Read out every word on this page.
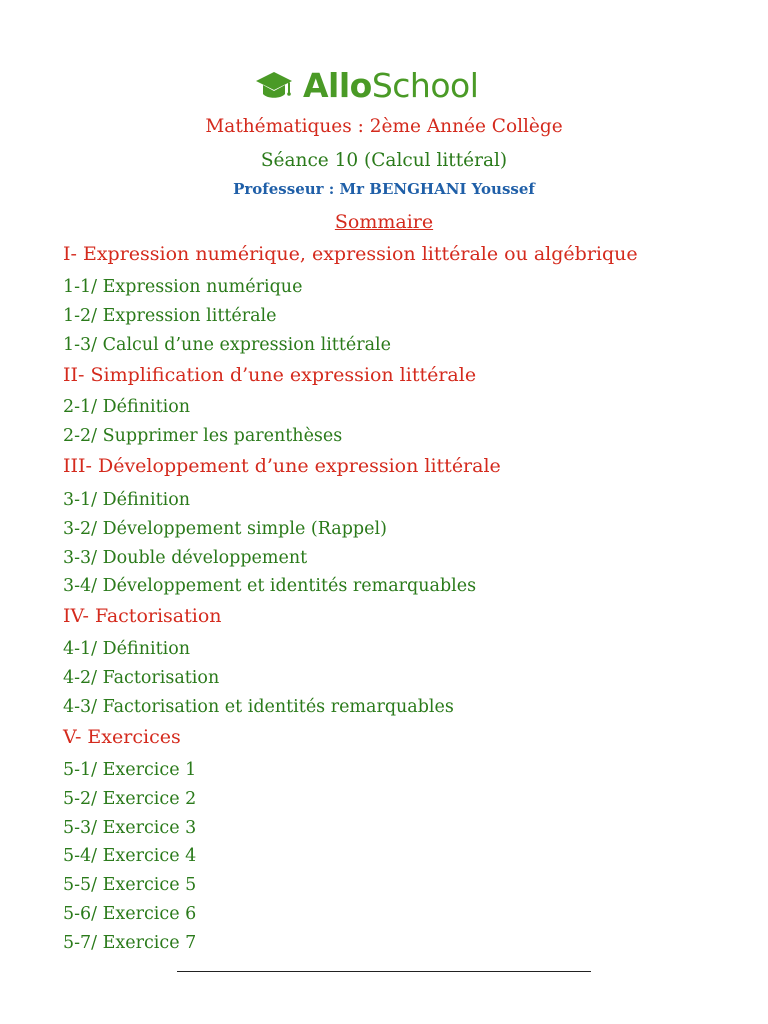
AlloSchool
Mathématiques : 2ème Année Collège
Séance 10 (Calcul littéral)
Professeur : Mr BENGHANI Youssef
Sommaire
I- Expression numérique, expression littérale ou algébrique
1-1/ Expression numérique
1-2/ Expression littérale
1-3/ Calcul d’une expression littérale
II- Simplification d’une expression littérale
2-1/ Définition
2-2/ Supprimer les parenthèses
III- Développement d’une expression littérale
3-1/ Définition
3-2/ Développement simple (Rappel)
3-3/ Double développement
3-4/ Développement et identités remarquables
IV- Factorisation
4-1/ Définition
4-2/ Factorisation
4-3/ Factorisation et identités remarquables
V- Exercices
5-1/ Exercice 1
5-2/ Exercice 2
5-3/ Exercice 3
5-4/ Exercice 4
5-5/ Exercice 5
5-6/ Exercice 6
5-7/ Exercice 7
